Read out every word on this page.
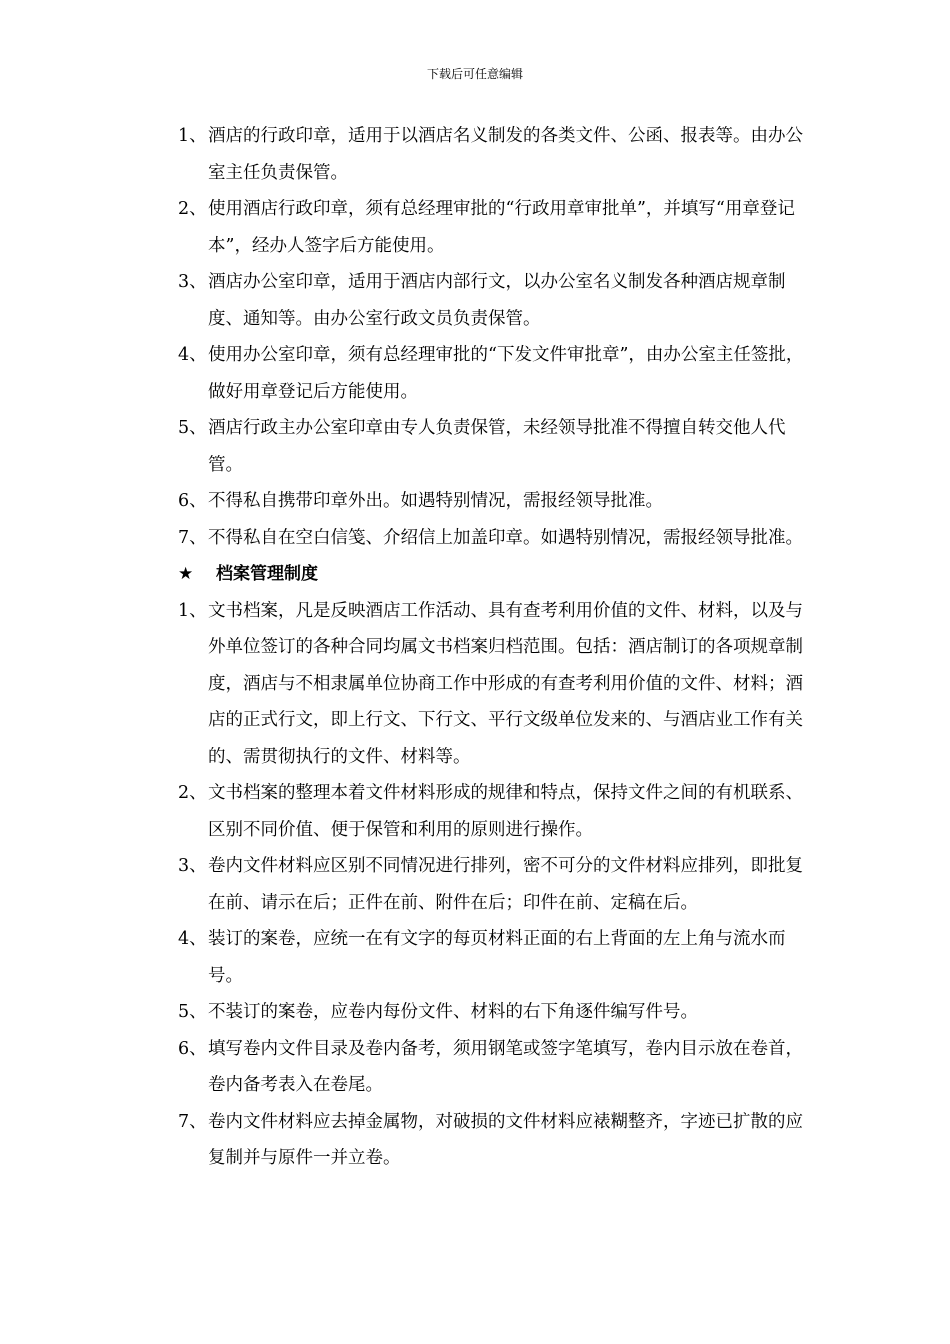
下载后可任意编辑
1、 酒店的行政印章，适用于以酒店名义制发的各类文件、公函、报表等。由办公室主任负责保管。
2、 使用酒店行政印章，须有总经理审批的“行政用章审批单”，并填写“用章登记本”，经办人签字后方能使用。
3、 酒店办公室印章，适用于酒店内部行文，以办公室名义制发各种酒店规章制度、通知等。由办公室行政文员负责保管。
4、 使用办公室印章，须有总经理审批的“下发文件审批章”，由办公室主任签批，做好用章登记后方能使用。
5、 酒店行政主办公室印章由专人负责保管，未经领导批准不得擅自转交他人代管。
6、 不得私自携带印章外出。如遇特别情况，需报经领导批准。
7、 不得私自在空白信笺、介绍信上加盖印章。如遇特别情况，需报经领导批准。
★ 档案管理制度
1、 文书档案，凡是反映酒店工作活动、具有查考利用价值的文件、材料，以及与外单位签订的各种合同均属文书档案归档范围。包括：酒店制订的各项规章制度，酒店与不相隶属单位协商工作中形成的有查考利用价值的文件、材料；酒店的正式行文，即上行文、下行文、平行文级单位发来的、与酒店业工作有关的、需贯彻执行的文件、材料等。
2、 文书档案的整理本着文件材料形成的规律和特点，保持文件之间的有机联系、区别不同价值、便于保管和利用的原则进行操作。
3、 卷内文件材料应区别不同情况进行排列，密不可分的文件材料应排列，即批复在前、请示在后；正件在前、附件在后；印件在前、定稿在后。
4、 装订的案卷，应统一在有文字的每页材料正面的右上背面的左上角与流水而号。
5、 不装订的案卷，应卷内每份文件、材料的右下角逐件编写件号。
6、 填写卷内文件目录及卷内备考，须用钢笔或签字笔填写，卷内目示放在卷首，卷内备考表入在卷尾。
7、 卷内文件材料应去掉金属物，对破损的文件材料应裱糊整齐，字迹已扩散的应复制并与原件一并立卷。
